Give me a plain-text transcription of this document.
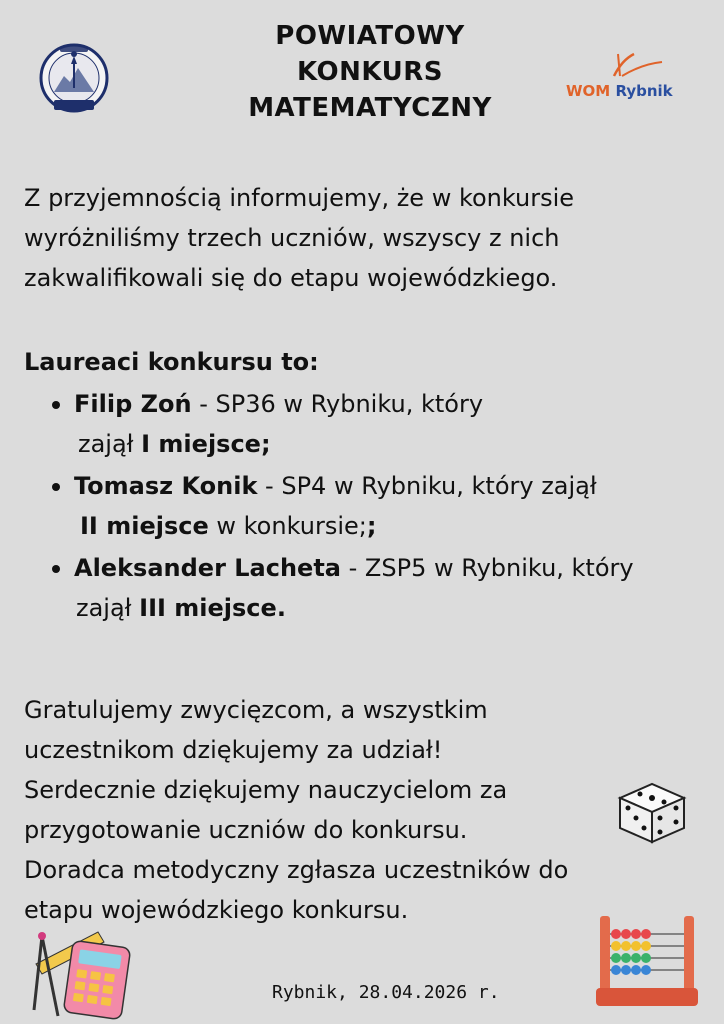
POWIATOWY
KONKURS
MATEMATYCZNY
WOM Rybnik
Z przyjemnością informujemy, że w konkursie
wyróżniliśmy trzech uczniów, wszyscy z nich
zakwalifikowali się do etapu wojewódzkiego.
Laureaci konkursu to:
Filip Zoń - SP36 w Rybniku, który
zajął I miejsce;
Tomasz Konik - SP4 w Rybniku, który zajął
II miejsce w konkursie;;
Aleksander Lacheta - ZSP5 w Rybniku, który
zajął III miejsce.
Gratulujemy zwycięzcom, a wszystkim
uczestnikom dziękujemy za udział!
Serdecznie dziękujemy nauczycielom za
przygotowanie uczniów do konkursu.
Doradca metodyczny zgłasza uczestników do
etapu wojewódzkiego konkursu.
Rybnik, 28.04.2026 r.
